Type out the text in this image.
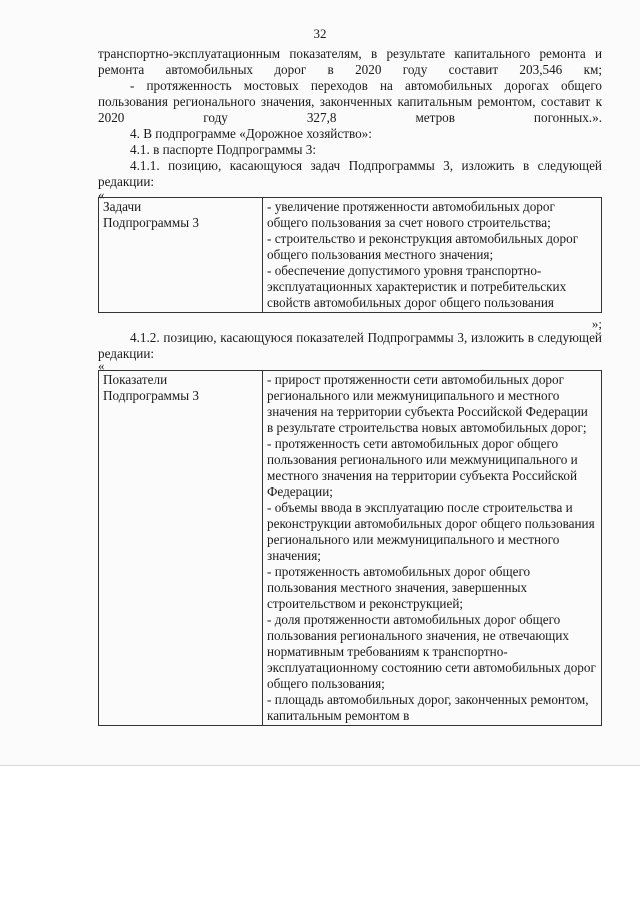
32

транспортно-эксплуатационным показателям, в результате капитального ремонта и ремонта автомобильных дорог в 2020 году составит 203,546 км;

- протяженность мостовых переходов на автомобильных дорогах общего пользования регионального значения, законченных капитальным ремонтом, составит к 2020 году 327,8 метров погонных.».

4. В подпрограмме «Дорожное хозяйство»:

4.1. в паспорте Подпрограммы 3:

4.1.1. позицию, касающуюся задач Подпрограммы 3, изложить в следующей редакции:

«
Задачи Подпрограммы 3

- увеличение протяженности автомобильных дорог общего пользования за счет нового строительства;
- строительство и реконструкция автомобильных дорог общего пользования местного значения;
- обеспечение допустимого уровня транспортно-эксплуатационных характеристик и потребительских свойств автомобильных дорог общего пользования
»;

4.1.2. позицию, касающуюся показателей Подпрограммы 3, изложить в следующей редакции:

«
Показатели Подпрограммы 3

- прирост протяженности сети автомобильных дорог регионального или межмуниципального и местного значения на территории субъекта Российской Федерации в результате строительства новых автомобильных дорог;
- протяженность сети автомобильных дорог общего пользования регионального или межмуниципального и местного значения на территории субъекта Российской Федерации;
- объемы ввода в эксплуатацию после строительства и реконструкции автомобильных дорог общего пользования регионального или межмуниципального и местного значения;
- протяженность автомобильных дорог общего пользования местного значения, завершенных строительством и реконструкцией;
- доля протяженности автомобильных дорог общего пользования регионального значения, не отвечающих нормативным требованиям к транспортно-эксплуатационному состоянию сети автомобильных дорог общего пользования;
- площадь автомобильных дорог, законченных ремонтом, капитальным ремонтом в
